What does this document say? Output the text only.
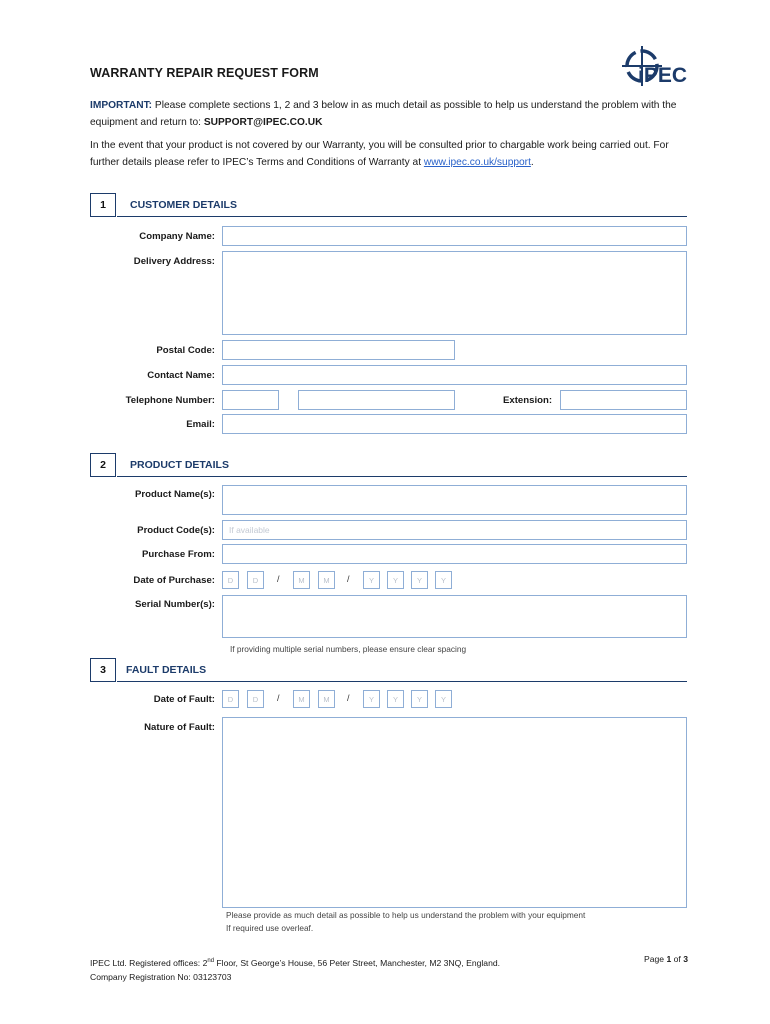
WARRANTY REPAIR REQUEST FORM	iPEC
IMPORTANT: Please complete sections 1, 2 and 3 below in as much detail as possible to help us understand the problem with the equipment and return to: SUPPORT@IPEC.CO.UK
In the event that your product is not covered by our Warranty, you will be consulted prior to chargable work being carried out. For further details please refer to IPEC’s Terms and Conditions of Warranty at www.ipec.co.uk/support.
1	CUSTOMER DETAILS
Company Name:
Delivery Address:
Postal Code:
Contact Name:
Telephone Number:	Extension:
Email:
2	PRODUCT DETAILS
Product Name(s):
Product Code(s):	If available
Purchase From:
Date of Purchase:	D	D	/	M	M	/	Y	Y	Y	Y
Serial Number(s):
If providing multiple serial numbers, please ensure clear spacing
3	FAULT DETAILS
Date of Fault:	D	D	/	M	M	/	Y	Y	Y	Y
Nature of Fault:
Please provide as much detail as possible to help us understand the problem with your equipment
If required use overleaf.
IPEC Ltd. Registered offices: 2nd Floor, St George’s House, 56 Peter Street, Manchester, M2 3NQ, England.
Company Registration No: 03123703
Page 1 of 3
